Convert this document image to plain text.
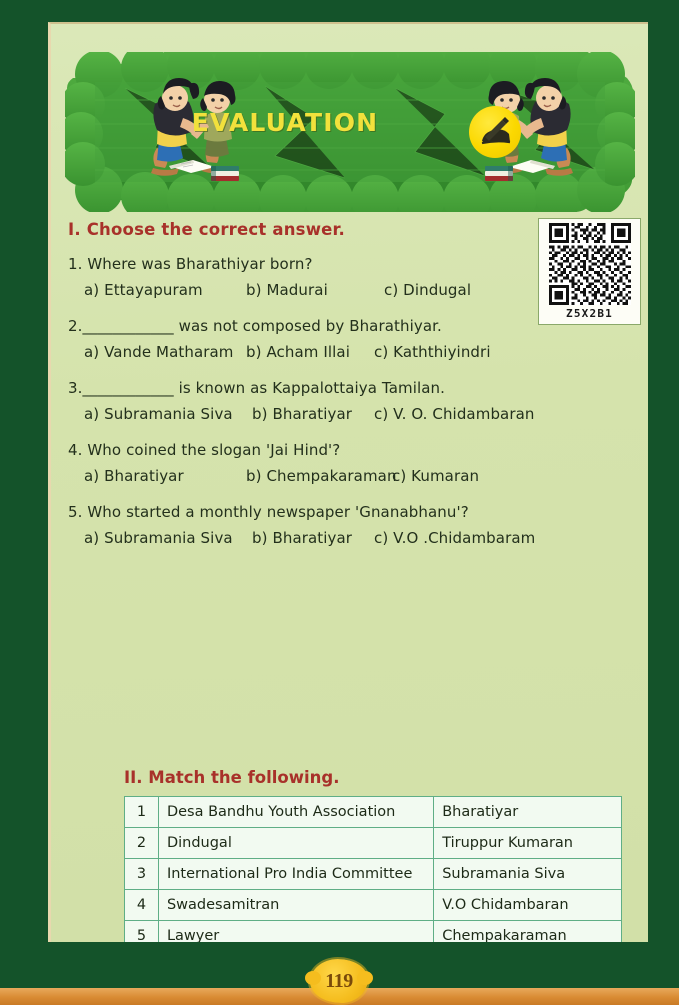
EVALUATION
Z5X2B1
I. Choose the correct answer.
1. Where was Bharathiyar born?
a) Ettayapuram	b) Madurai	c) Dindugal
2.____________ was not composed by Bharathiyar.
a) Vande Matharam b) Acham Illai c) Kaththiyindri
3.____________ is known as Kappalottaiya Tamilan.
a) Subramania Siva b) Bharatiyar c) V. O. Chidambaran
4. Who coined the slogan 'Jai Hind'?
a) Bharatiyar	b) Chempakaraman
c) Kumaran
5. Who started a monthly newspaper 'Gnanabhanu'?
a) Subramania Siva b) Bharatiyar c) V.O .Chidambaram
II. Match the following.
1	Desa Bandhu Youth Association	Bharatiyar
2	Dindugal	Tiruppur Kumaran
3	International Pro India Committee	Subramania Siva
4	Swadesamitran	V.O Chidambaran
5	Lawyer	Chempakaraman
119
